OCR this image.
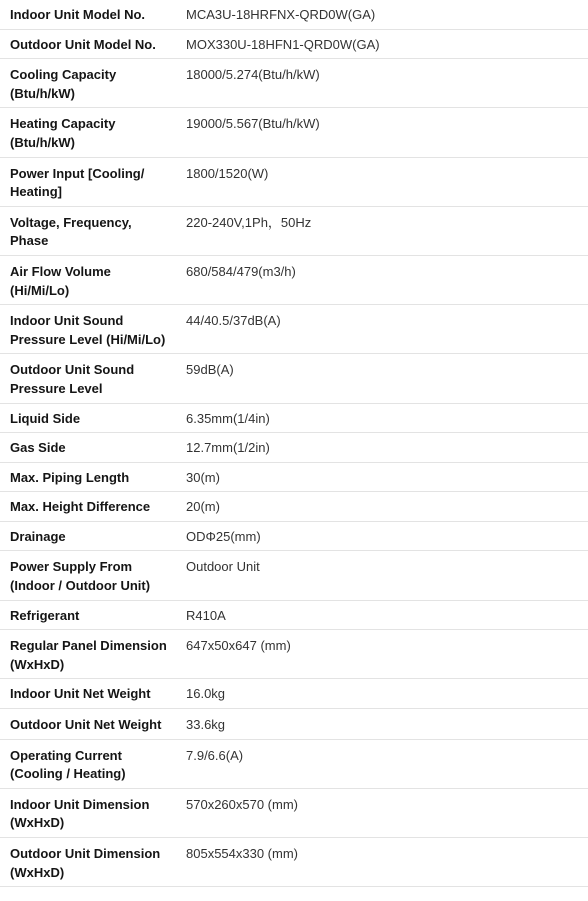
Indoor Unit Model No.	MCA3U-18HRFNX-QRD0W(GA)
Outdoor Unit Model No.	MOX330U-18HFN1-QRD0W(GA)
Cooling Capacity (Btu/h/kW)	18000/5.274(Btu/h/kW)
Heating Capacity (Btu/h/kW)	19000/5.567(Btu/h/kW)
Power Input [Cooling/ Heating]	1800/1520(W)
Voltage, Frequency, Phase	220-240V,1Ph，50Hz
Air Flow Volume (Hi/Mi/Lo)	680/584/479(m3/h)
Indoor Unit Sound Pressure Level (Hi/Mi/Lo)	44/40.5/37dB(A)
Outdoor Unit Sound Pressure Level	59dB(A)
Liquid Side	6.35mm(1/4in)
Gas Side	12.7mm(1/2in)
Max. Piping Length	30(m)
Max. Height Difference	20(m)
Drainage	ODΦ25(mm)
Power Supply From (Indoor / Outdoor Unit)	Outdoor Unit
Refrigerant	R410A
Regular Panel Dimension (WxHxD)	647x50x647 (mm)
Indoor Unit Net Weight	16.0kg
Outdoor Unit Net Weight	33.6kg
Operating Current (Cooling / Heating)	7.9/6.6(A)
Indoor Unit Dimension (WxHxD)	570x260x570 (mm)
Outdoor Unit Dimension (WxHxD)	805x554x330 (mm)
